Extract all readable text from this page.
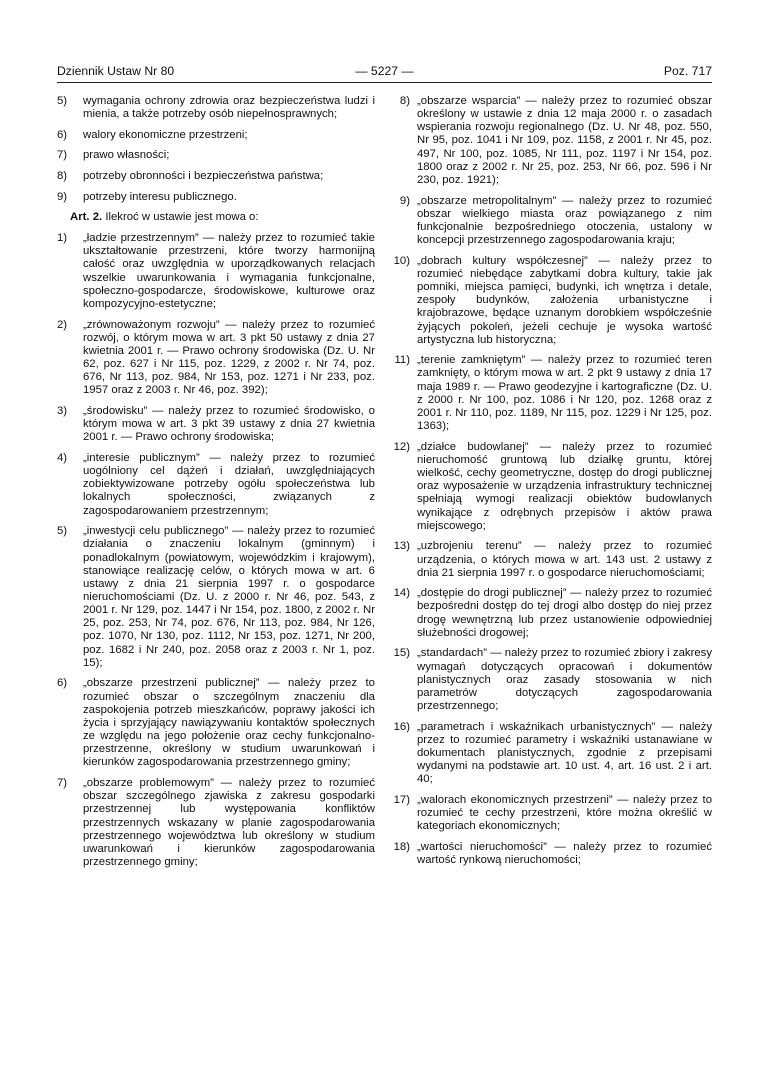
Dziennik Ustaw Nr 80	— 5227 —	Poz. 717
5) wymagania ochrony zdrowia oraz bezpieczeństwa ludzi i mienia, a także potrzeby osób niepełnosprawnych;
6) walory ekonomiczne przestrzeni;
7) prawo własności;
8) potrzeby obronności i bezpieczeństwa państwa;
9) potrzeby interesu publicznego.
Art. 2. Ilekroć w ustawie jest mowa o:
1) „ładzie przestrzennym” — należy przez to rozumieć takie ukształtowanie przestrzeni, które tworzy harmonijną całość oraz uwzględnia w uporządkowanych relacjach wszelkie uwarunkowania i wymagania funkcjonalne, społeczno-gospodarcze, środowiskowe, kulturowe oraz kompozycyjno-estetyczne;
2) „zrównoważonym rozwoju” — należy przez to rozumieć rozwój, o którym mowa w art. 3 pkt 50 ustawy z dnia 27 kwietnia 2001 r. — Prawo ochrony środowiska (Dz. U. Nr 62, poz. 627 i Nr 115, poz. 1229, z 2002 r. Nr 74, poz. 676, Nr 113, poz. 984, Nr 153, poz. 1271 i Nr 233, poz. 1957 oraz z 2003 r. Nr 46, poz. 392);
3) „środowisku” — należy przez to rozumieć środowisko, o którym mowa w art. 3 pkt 39 ustawy z dnia 27 kwietnia 2001 r. — Prawo ochrony środowiska;
4) „interesie publicznym” — należy przez to rozumieć uogólniony cel dążeń i działań, uwzględniających zobiektywizowane potrzeby ogółu społeczeństwa lub lokalnych społeczności, związanych z zagospodarowaniem przestrzennym;
5) „inwestycji celu publicznego” — należy przez to rozumieć działania o znaczeniu lokalnym (gminnym) i ponadlokalnym (powiatowym, wojewódzkim i krajowym), stanowiące realizację celów, o których mowa w art. 6 ustawy z dnia 21 sierpnia 1997 r. o gospodarce nieruchomościami (Dz. U. z 2000 r. Nr 46, poz. 543, z 2001 r. Nr 129, poz. 1447 i Nr 154, poz. 1800, z 2002 r. Nr 25, poz. 253, Nr 74, poz. 676, Nr 113, poz. 984, Nr 126, poz. 1070, Nr 130, poz. 1112, Nr 153, poz. 1271, Nr 200, poz. 1682 i Nr 240, poz. 2058 oraz z 2003 r. Nr 1, poz. 15);
6) „obszarze przestrzeni publicznej” — należy przez to rozumieć obszar o szczególnym znaczeniu dla zaspokojenia potrzeb mieszkańców, poprawy jakości ich życia i sprzyjający nawiązywaniu kontaktów społecznych ze względu na jego położenie oraz cechy funkcjonalno-przestrzenne, określony w studium uwarunkowań i kierunków zagospodarowania przestrzennego gminy;
7) „obszarze problemowym” — należy przez to rozumieć obszar szczególnego zjawiska z zakresu gospodarki przestrzennej lub występowania konfliktów przestrzennych wskazany w planie zagospodarowania przestrzennego województwa lub określony w studium uwarunkowań i kierunków zagospodarowania przestrzennego gminy;
8) „obszarze wsparcia” — należy przez to rozumieć obszar określony w ustawie z dnia 12 maja 2000 r. o zasadach wspierania rozwoju regionalnego (Dz. U. Nr 48, poz. 550, Nr 95, poz. 1041 i Nr 109, poz. 1158, z 2001 r. Nr 45, poz. 497, Nr 100, poz. 1085, Nr 111, poz. 1197 i Nr 154, poz. 1800 oraz z 2002 r. Nr 25, poz. 253, Nr 66, poz. 596 i Nr 230, poz. 1921);
9) „obszarze metropolitalnym” — należy przez to rozumieć obszar wielkiego miasta oraz powiązanego z nim funkcjonalnie bezpośredniego otoczenia, ustalony w koncepcji przestrzennego zagospodarowania kraju;
10) „dobrach kultury współczesnej” — należy przez to rozumieć niebędące zabytkami dobra kultury, takie jak pomniki, miejsca pamięci, budynki, ich wnętrza i detale, zespoły budynków, założenia urbanistyczne i krajobrazowe, będące uznanym dorobkiem współcześnie żyjących pokoleń, jeżeli cechuje je wysoka wartość artystyczna lub historyczna;
11) „terenie zamkniętym” — należy przez to rozumieć teren zamknięty, o którym mowa w art. 2 pkt 9 ustawy z dnia 17 maja 1989 r. — Prawo geodezyjne i kartograficzne (Dz. U. z 2000 r. Nr 100, poz. 1086 i Nr 120, poz. 1268 oraz z 2001 r. Nr 110, poz. 1189, Nr 115, poz. 1229 i Nr 125, poz. 1363);
12) „działce budowlanej” — należy przez to rozumieć nieruchomość gruntową lub działkę gruntu, której wielkość, cechy geometryczne, dostęp do drogi publicznej oraz wyposażenie w urządzenia infrastruktury technicznej spełniają wymogi realizacji obiektów budowlanych wynikające z odrębnych przepisów i aktów prawa miejscowego;
13) „uzbrojeniu terenu” — należy przez to rozumieć urządzenia, o których mowa w art. 143 ust. 2 ustawy z dnia 21 sierpnia 1997 r. o gospodarce nieruchomościami;
14) „dostępie do drogi publicznej” — należy przez to rozumieć bezpośredni dostęp do tej drogi albo dostęp do niej przez drogę wewnętrzną lub przez ustanowienie odpowiedniej służebności drogowej;
15) „standardach” — należy przez to rozumieć zbiory i zakresy wymagań dotyczących opracowań i dokumentów planistycznych oraz zasady stosowania w nich parametrów dotyczących zagospodarowania przestrzennego;
16) „parametrach i wskaźnikach urbanistycznych” — należy przez to rozumieć parametry i wskaźniki ustanawiane w dokumentach planistycznych, zgodnie z przepisami wydanymi na podstawie art. 10 ust. 4, art. 16 ust. 2 i art. 40;
17) „walorach ekonomicznych przestrzeni” — należy przez to rozumieć te cechy przestrzeni, które można określić w kategoriach ekonomicznych;
18) „wartości nieruchomości” — należy przez to rozumieć wartość rynkową nieruchomości;
